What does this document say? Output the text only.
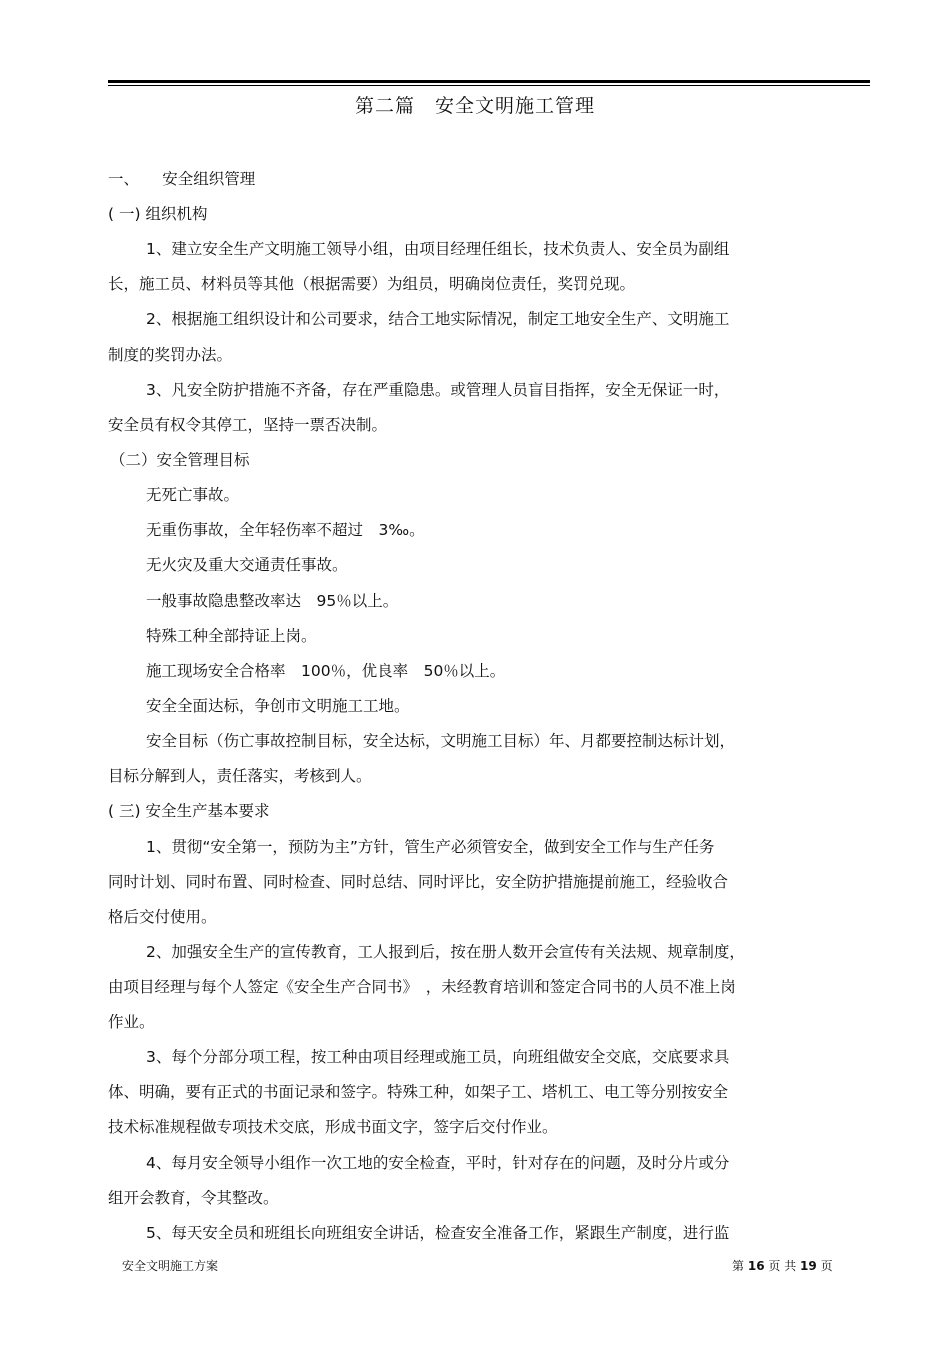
第二篇　安全文明施工管理
一、　　安全组织管理
( 一) 组织机构
1、建立安全生产文明施工领导小组，由项目经理任组长，技术负责人、安全员为副组
长，施工员、材料员等其他（根据需要）为组员，明确岗位责任，奖罚兑现。
2、根据施工组织设计和公司要求，结合工地实际情况，制定工地安全生产、文明施工
制度的奖罚办法。
3、凡安全防护措施不齐备，存在严重隐患。或管理人员盲目指挥，安全无保证一时，
安全员有权令其停工，坚持一票否决制。
（二）安全管理目标
无死亡事故。
无重伤事故，全年轻伤率不超过　3‰。
无火灾及重大交通责任事故。
一般事故隐患整改率达　95％以上。
特殊工种全部持证上岗。
施工现场安全合格率　100％，优良率　50％以上。
安全全面达标，争创市文明施工工地。
安全目标（伤亡事故控制目标，安全达标，文明施工目标）年、月都要控制达标计划，
目标分解到人，责任落实，考核到人。
( 三) 安全生产基本要求
1、贯彻“安全第一，预防为主”方针，管生产必须管安全，做到安全工作与生产任务
同时计划、同时布置、同时检查、同时总结、同时评比，安全防护措施提前施工，经验收合
格后交付使用。
2、加强安全生产的宣传教育，工人报到后，按在册人数开会宣传有关法规、规章制度，
由项目经理与每个人签定《安全生产合同书》　，未经教育培训和签定合同书的人员不准上岗
作业。
3、每个分部分项工程，按工种由项目经理或施工员，向班组做安全交底，交底要求具
体、明确，要有正式的书面记录和签字。特殊工种，如架子工、塔机工、电工等分别按安全
技术标准规程做专项技术交底，形成书面文字，签字后交付作业。
4、每月安全领导小组作一次工地的安全检查，平时，针对存在的问题，及时分片或分
组开会教育，令其整改。
5、每天安全员和班组长向班组安全讲话，检查安全准备工作，紧跟生产制度，进行监
安全文明施工方案	第 16 页 共 19 页
